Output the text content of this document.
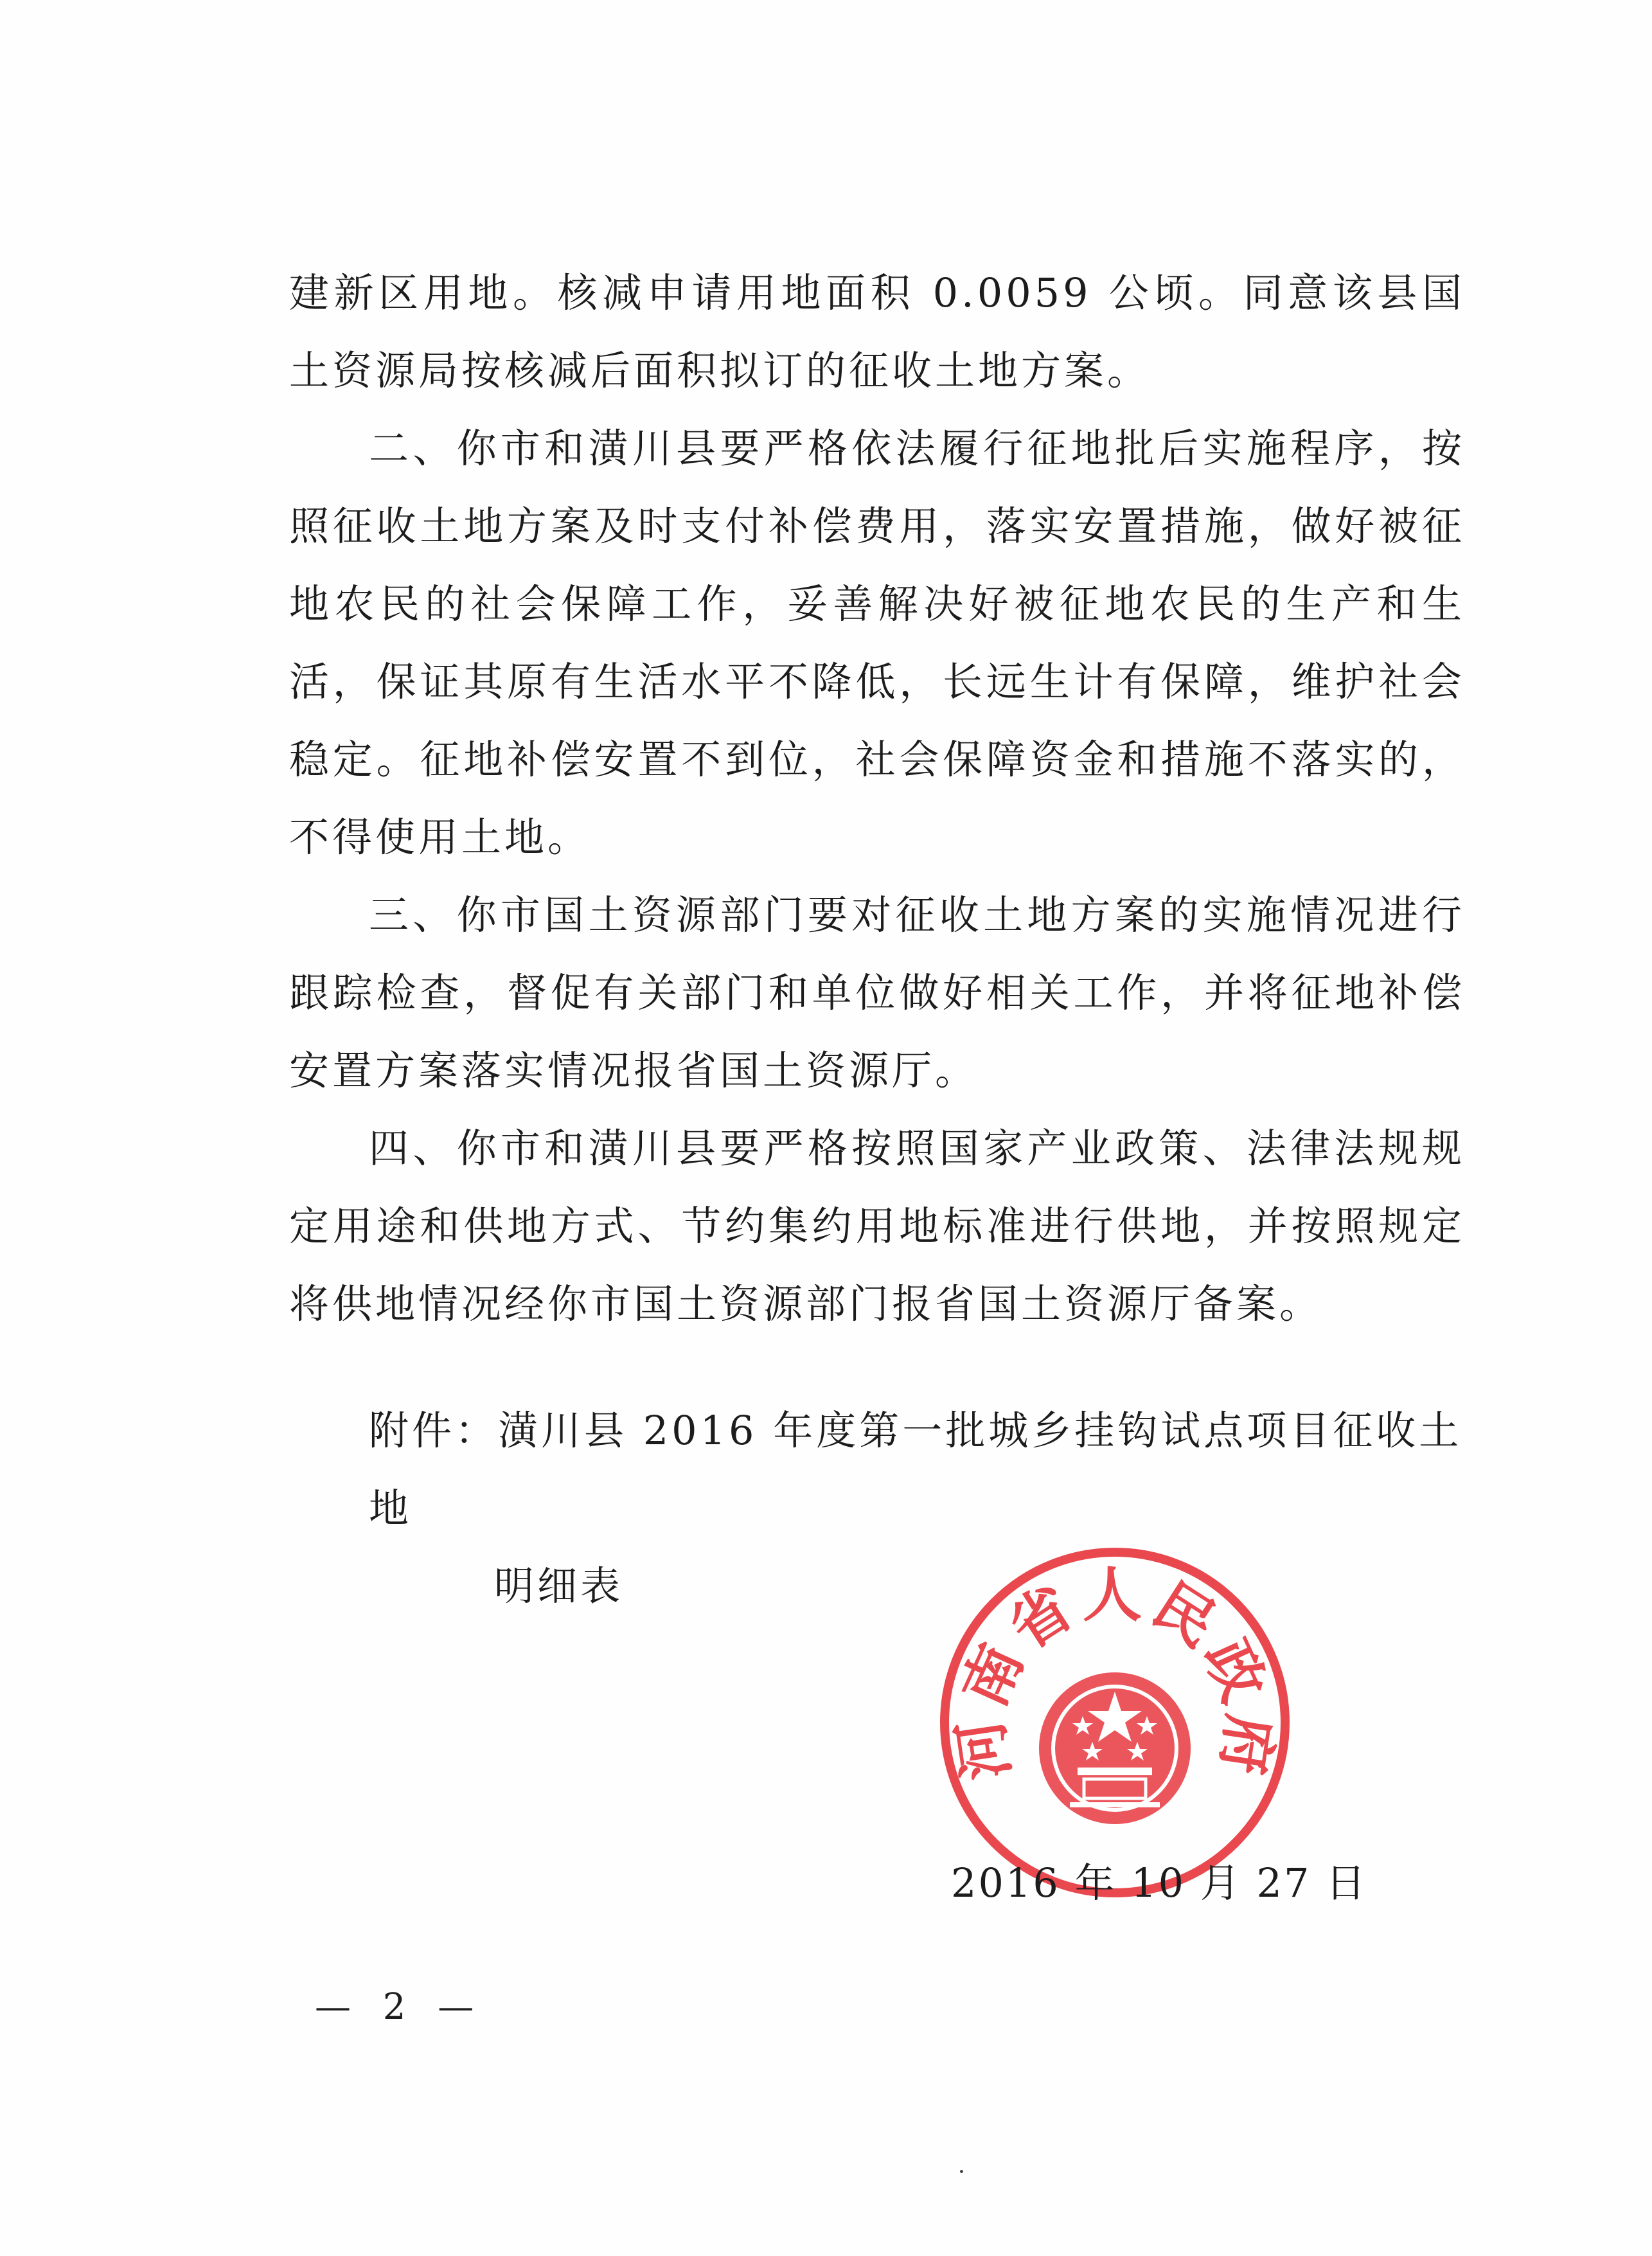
建新区用地。核减申请用地面积 0.0059 公顷。同意该县国土资源局按核减后面积拟订的征收土地方案。

二、你市和潢川县要严格依法履行征地批后实施程序，按照征收土地方案及时支付补偿费用，落实安置措施，做好被征地农民的社会保障工作，妥善解决好被征地农民的生产和生活，保证其原有生活水平不降低，长远生计有保障，维护社会稳定。征地补偿安置不到位，社会保障资金和措施不落实的，不得使用土地。

三、你市国土资源部门要对征收土地方案的实施情况进行跟踪检查，督促有关部门和单位做好相关工作，并将征地补偿安置方案落实情况报省国土资源厅。

四、你市和潢川县要严格按照国家产业政策、法律法规规定用途和供地方式、节约集约用地标准进行供地，并按照规定将供地情况经你市国土资源部门报省国土资源厅备案。

附件：潢川县 2016 年度第一批城乡挂钩试点项目征收土地
明细表
河南省人民政府
2016 年 10 月 27 日
— 2 —
